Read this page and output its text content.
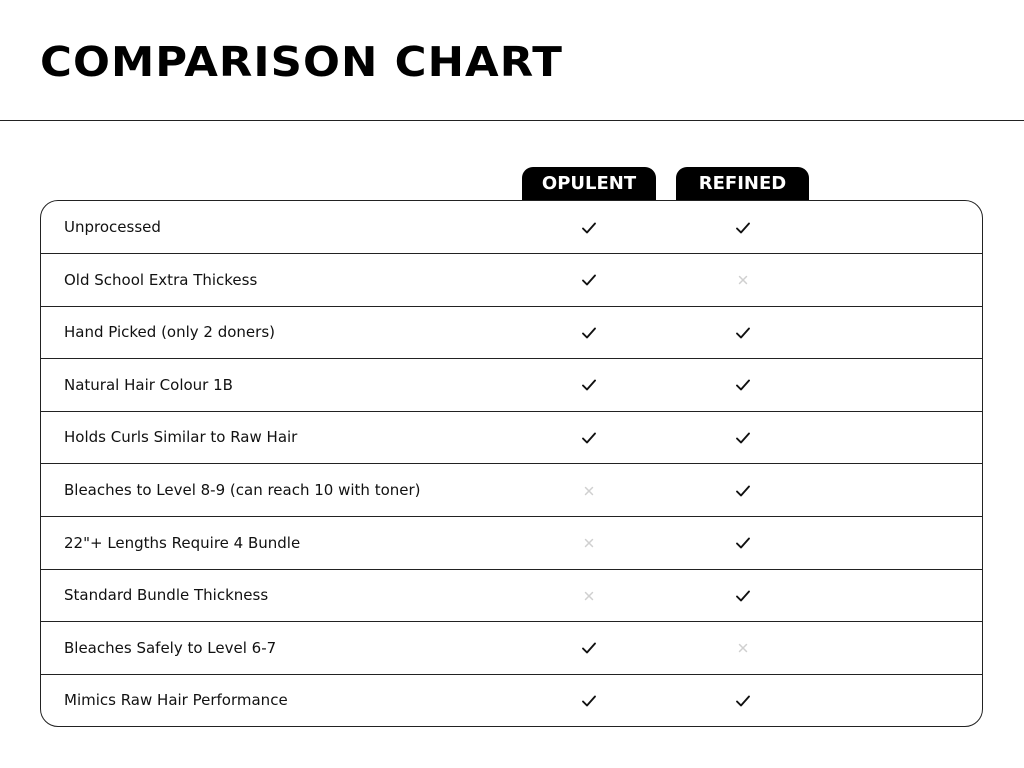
COMPARISON CHART
OPULENT	REFINED
Unprocessed
Old School Extra Thickess
Hand Picked (only 2 doners)
Natural Hair Colour 1B
Holds Curls Similar to Raw Hair
Bleaches to Level 8-9 (can reach 10 with toner)
22"+ Lengths Require 4 Bundle
Standard Bundle Thickness
Bleaches Safely to Level 6-7
Mimics Raw Hair Performance
